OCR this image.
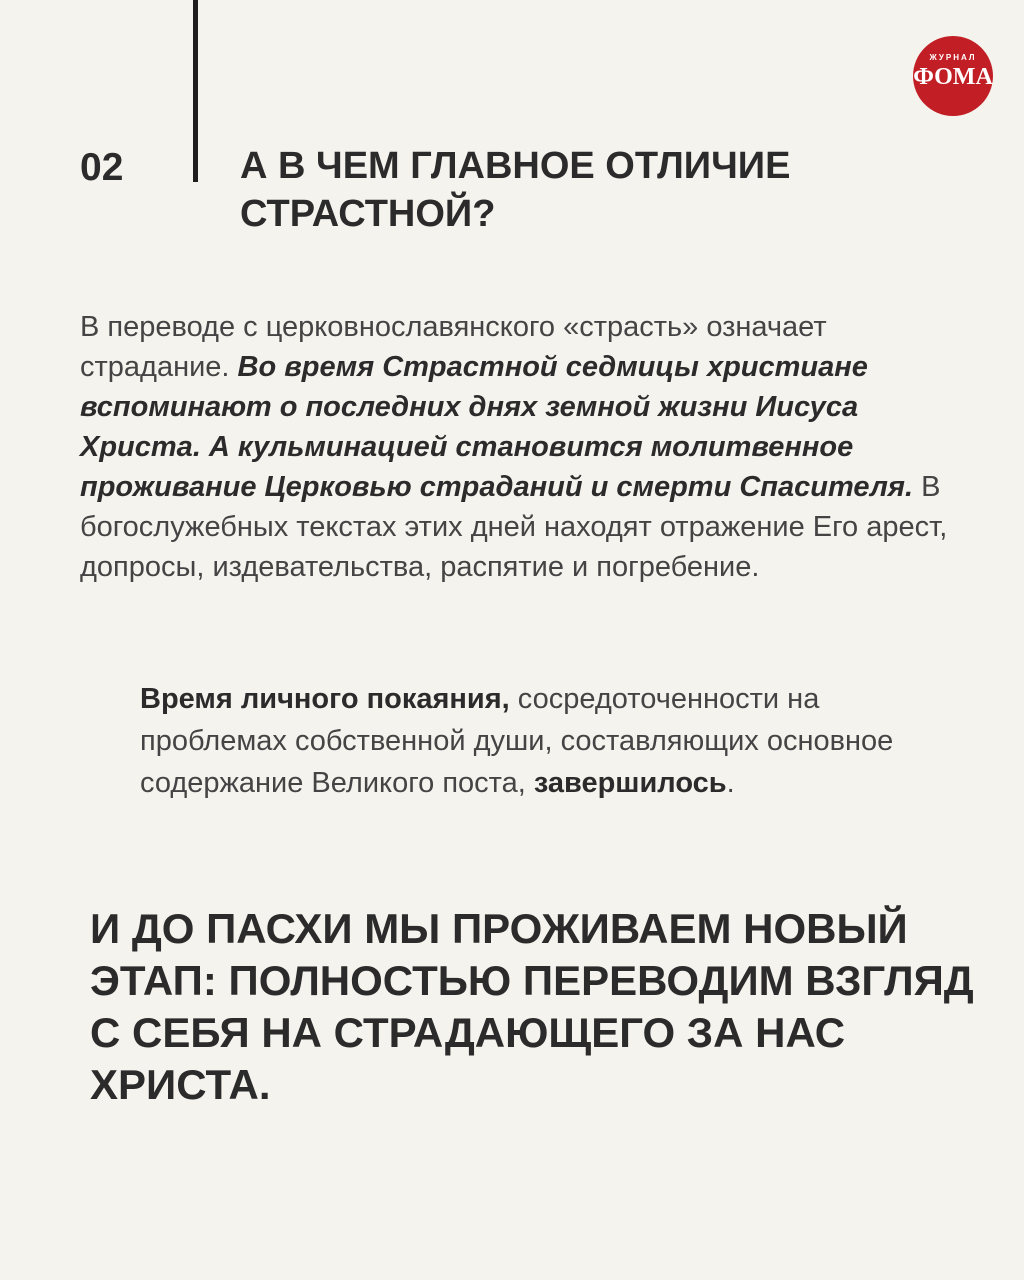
ЖУРНАЛ
ФОМА
02	А В ЧЕМ ГЛАВНОЕ ОТЛИЧИЕ СТРАСТНОЙ?
В переводе с церковнославянского «страсть» означает страдание. Во время Страстной седмицы христиане вспоминают о последних днях земной жизни Иисуса Христа. А кульминацией становится молитвенное проживание Церковью страданий и смерти Спасителя. В богослужебных текстах этих дней находят отражение Его арест, допросы, издевательства, распятие и погребение.
Время личного покаяния, сосредоточенности на проблемах собственной души, составляющих основное содержание Великого поста, завершилось.
И ДО ПАСХИ МЫ ПРОЖИВАЕМ НОВЫЙ ЭТАП: ПОЛНОСТЬЮ ПЕРЕВОДИМ ВЗГЛЯД С СЕБЯ НА СТРАДАЮЩЕГО ЗА НАС ХРИСТА.
